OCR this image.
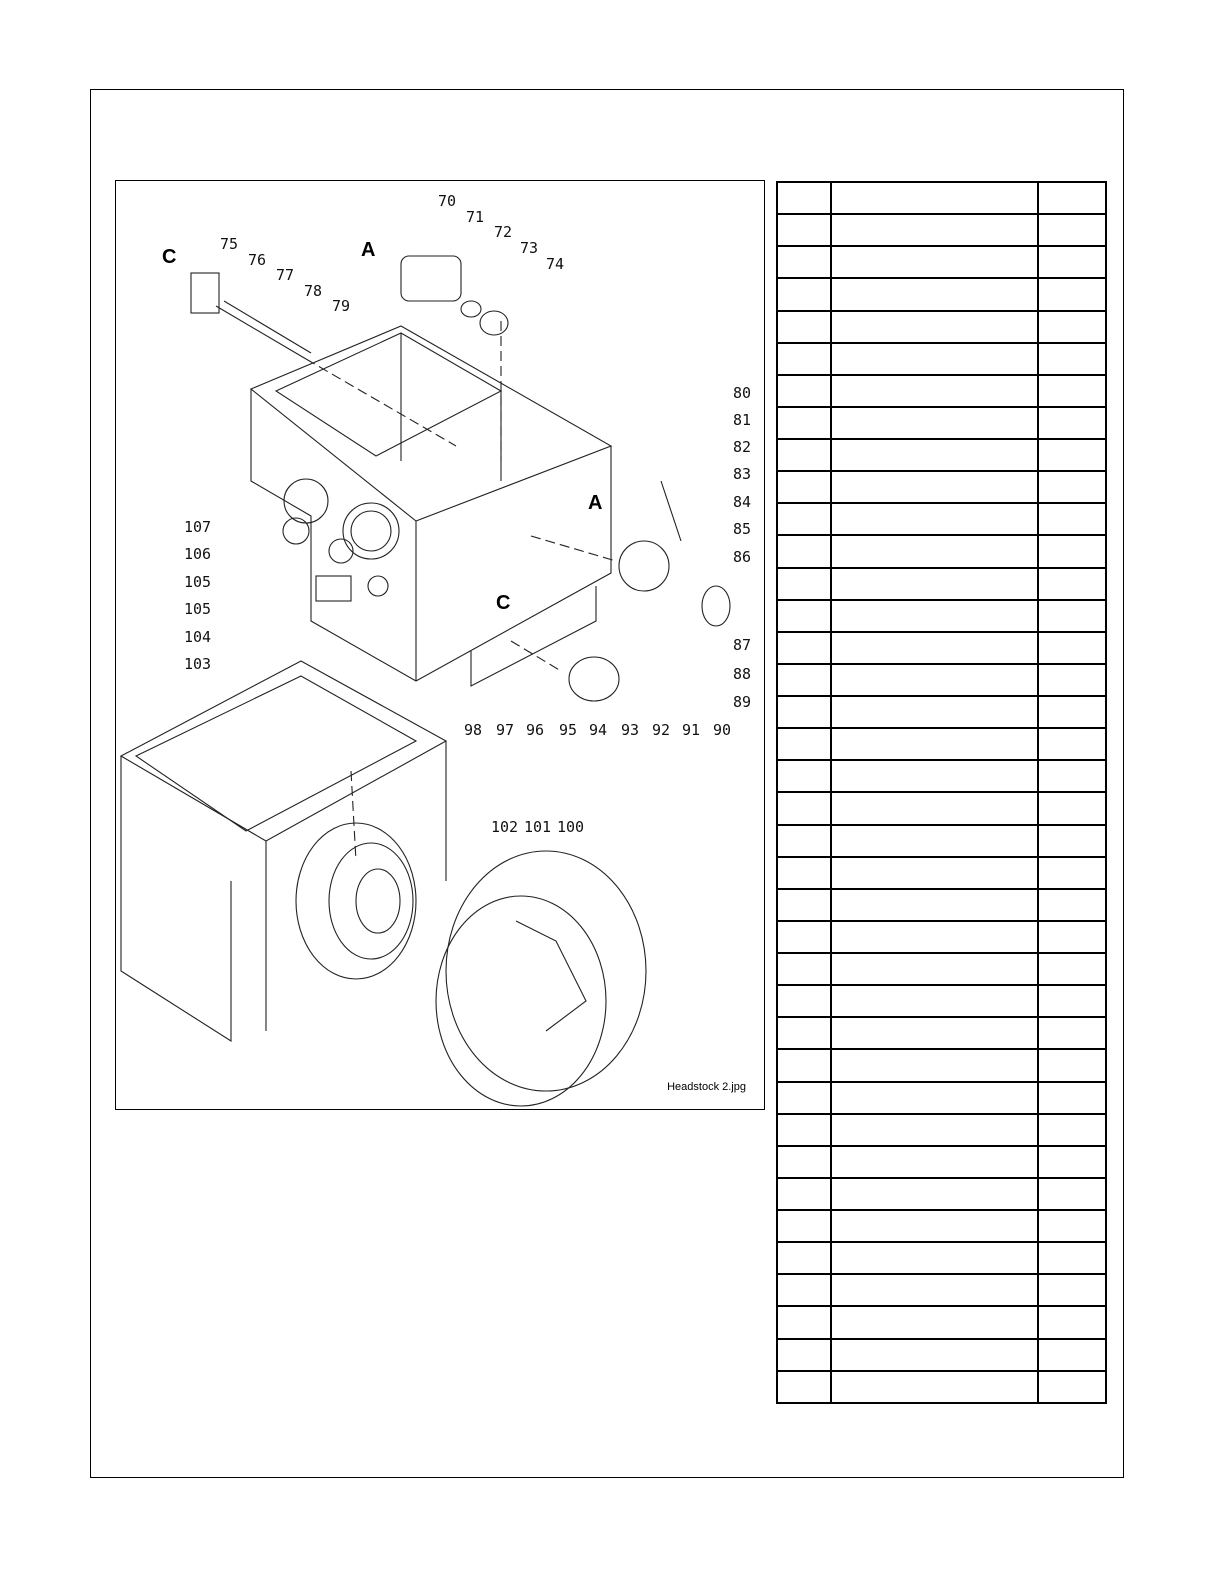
C	A
A
C
70
71
72
73
74
75
76
77
78
79
80
81
82
83
84
85
86
87
88
89
90
91
92
93
94
95
96
97
98
100
101
102
103
104
105
105
106
107
Headstock 2.jpg
